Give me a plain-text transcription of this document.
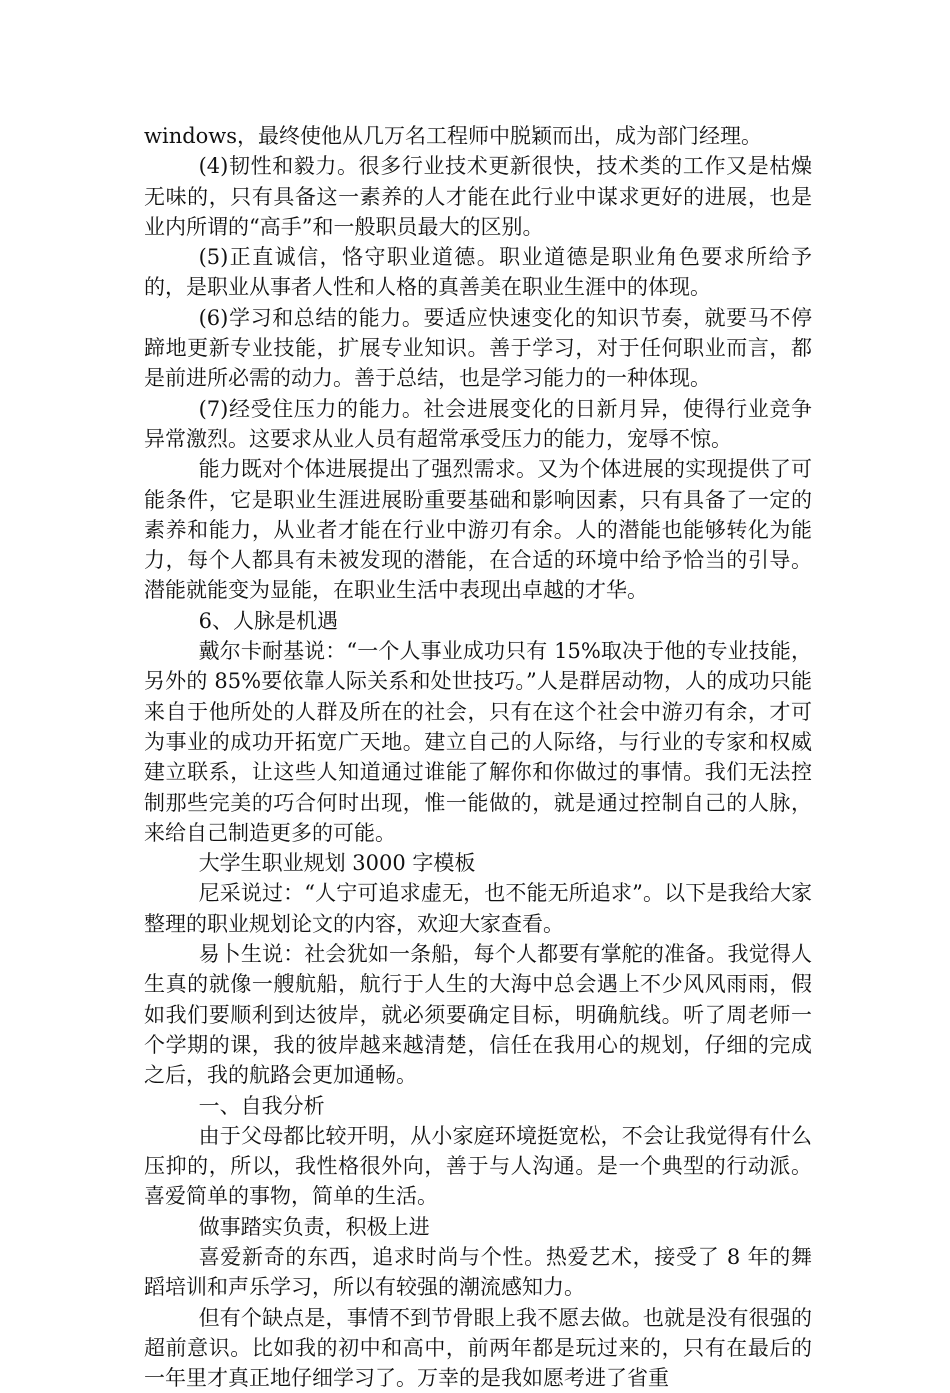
windows，最终使他从几万名工程师中脱颖而出，成为部门经理。

(4)韧性和毅力。很多行业技术更新很快，技术类的工作又是枯燥无味的，只有具备这一素养的人才能在此行业中谋求更好的进展，也是业内所谓的“高手”和一般职员最大的区别。

(5)正直诚信，恪守职业道德。职业道德是职业角色要求所给予的，是职业从事者人性和人格的真善美在职业生涯中的体现。

(6)学习和总结的能力。要适应快速变化的知识节奏，就要马不停蹄地更新专业技能，扩展专业知识。善于学习，对于任何职业而言，都是前进所必需的动力。善于总结，也是学习能力的一种体现。

(7)经受住压力的能力。社会进展变化的日新月异，使得行业竞争异常激烈。这要求从业人员有超常承受压力的能力，宠辱不惊。

能力既对个体进展提出了强烈需求。又为个体进展的实现提供了可能条件，它是职业生涯进展盼重要基础和影响因素，只有具备了一定的素养和能力，从业者才能在行业中游刃有余。人的潜能也能够转化为能力，每个人都具有未被发现的潜能，在合适的环境中给予恰当的引导。潜能就能变为显能，在职业生活中表现出卓越的才华。

6、人脉是机遇

戴尔卡耐基说：“一个人事业成功只有 15%取决于他的专业技能，另外的 85%要依靠人际关系和处世技巧。”人是群居动物，人的成功只能来自于他所处的人群及所在的社会，只有在这个社会中游刃有余，才可为事业的成功开拓宽广天地。建立自己的人际络，与行业的专家和权威建立联系，让这些人知道通过谁能了解你和你做过的事情。我们无法控制那些完美的巧合何时出现，惟一能做的，就是通过控制自己的人脉，来给自己制造更多的可能。

大学生职业规划 3000 字模板

尼采说过：“人宁可追求虚无，也不能无所追求”。以下是我给大家整理的职业规划论文的内容，欢迎大家查看。

易卜生说：社会犹如一条船，每个人都要有掌舵的准备。我觉得人生真的就像一艘航船，航行于人生的大海中总会遇上不少风风雨雨，假如我们要顺利到达彼岸，就必须要确定目标，明确航线。听了周老师一个学期的课，我的彼岸越来越清楚，信任在我用心的规划，仔细的完成之后，我的航路会更加通畅。

一、自我分析

由于父母都比较开明，从小家庭环境挺宽松，不会让我觉得有什么压抑的，所以，我性格很外向，善于与人沟通。是一个典型的行动派。喜爱简单的事物，简单的生活。

做事踏实负责，积极上进

喜爱新奇的东西，追求时尚与个性。热爱艺术，接受了 8 年的舞蹈培训和声乐学习，所以有较强的潮流感知力。

但有个缺点是，事情不到节骨眼上我不愿去做。也就是没有很强的超前意识。比如我的初中和高中，前两年都是玩过来的，只有在最后的一年里才真正地仔细学习了。万幸的是我如愿考进了省重
